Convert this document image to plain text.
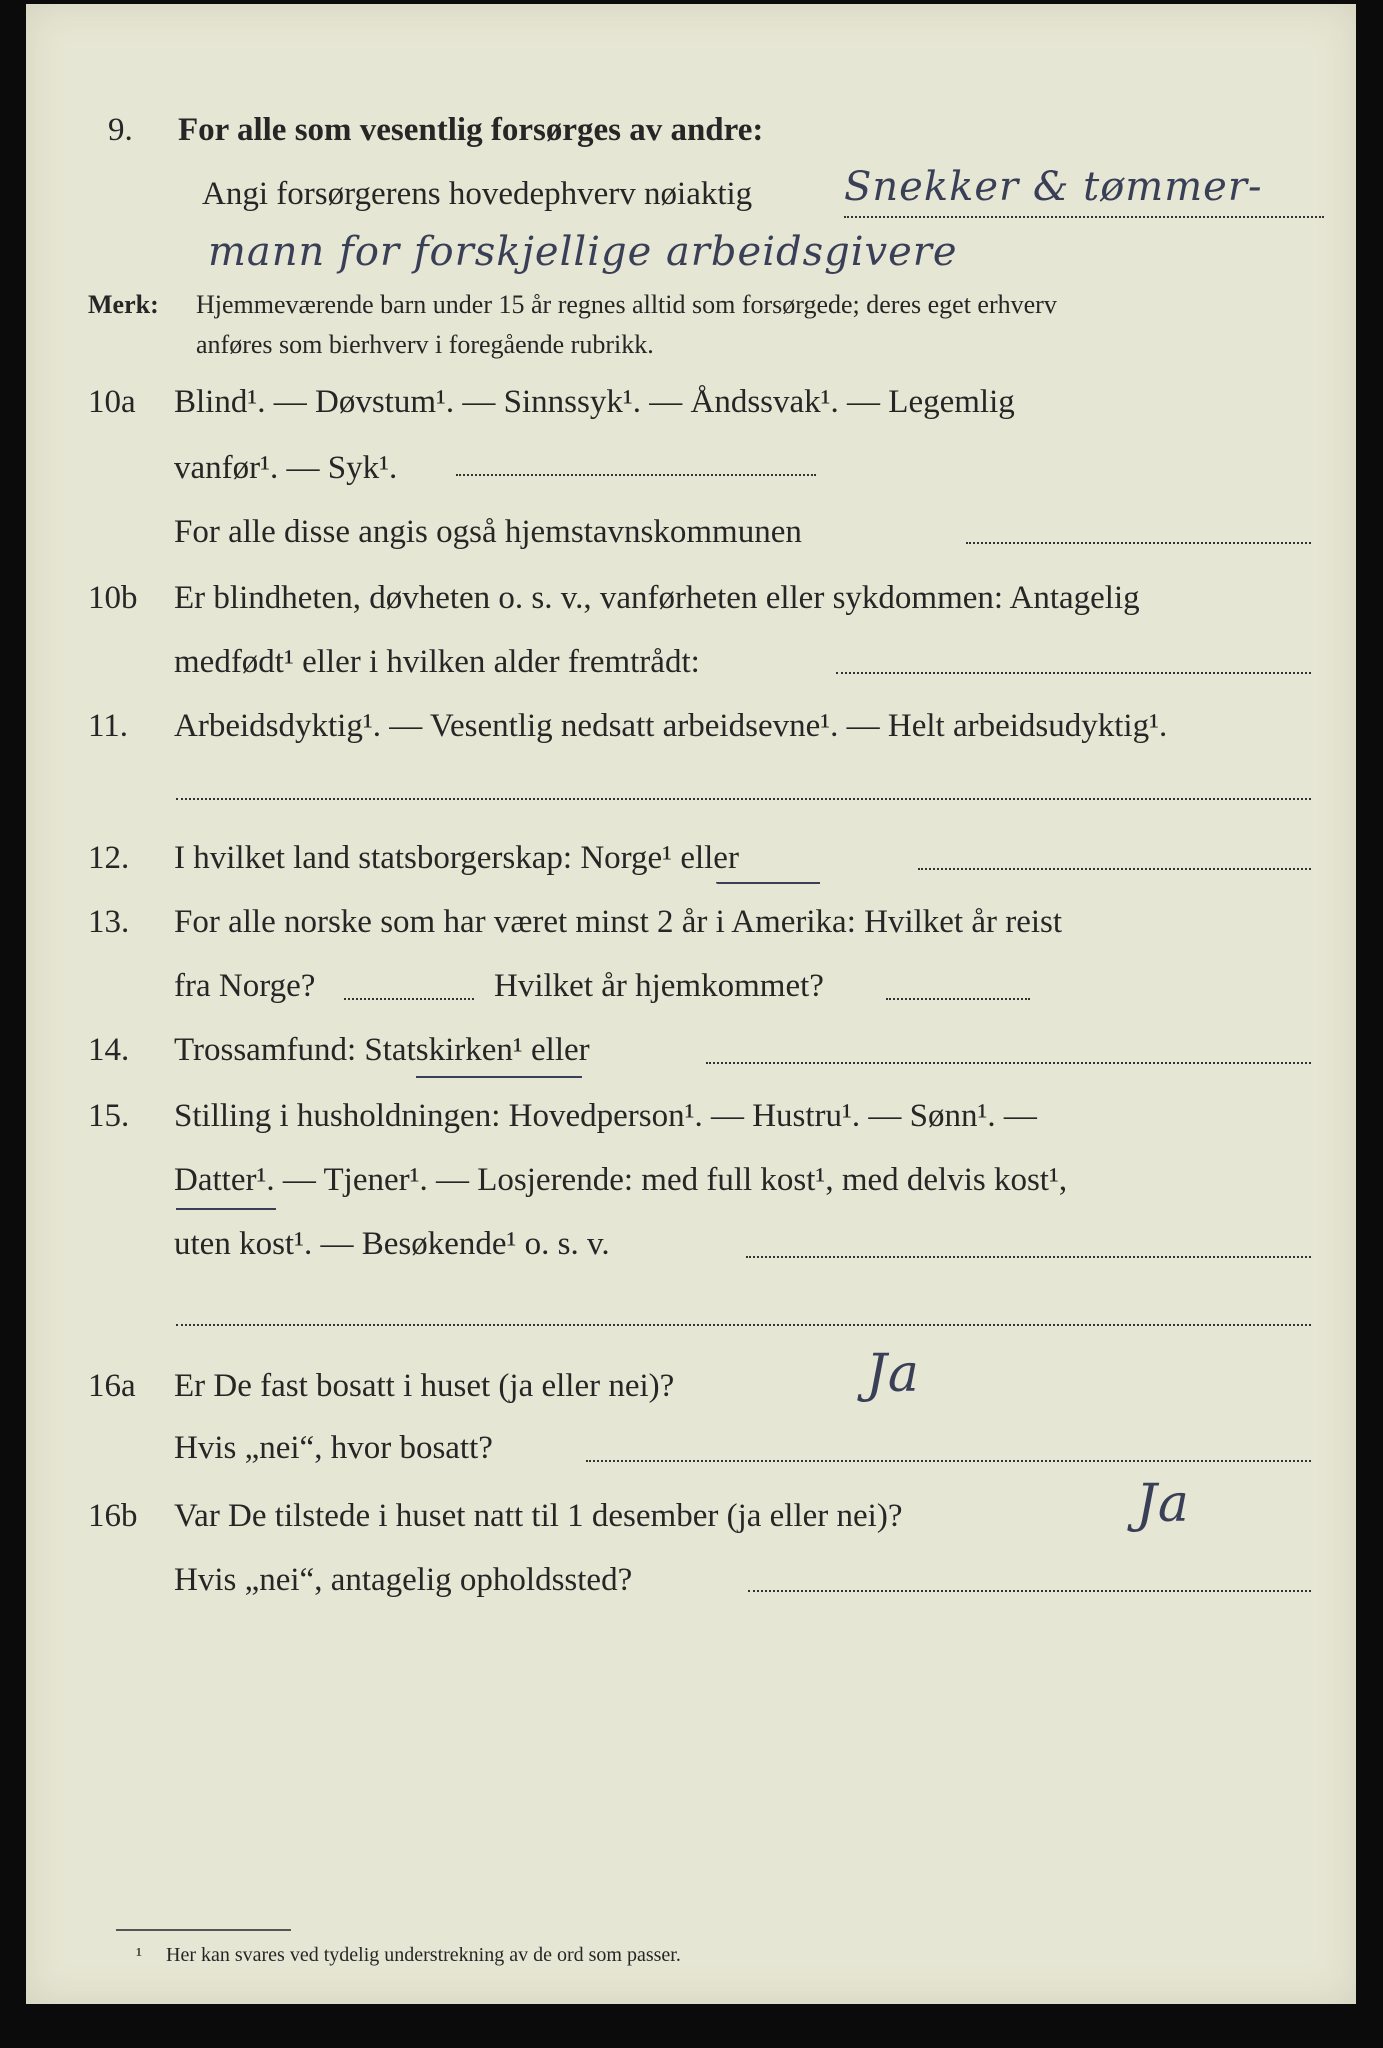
9. For alle som vesentlig forsørges av andre:
Angi forsørgerens hovedерhverv nøiaktig Snekker & tømmer-
mann for forskjellige arbeidsgivere
Merk: Hjemmeværende barn under 15 år regnes alltid som forsørgede; deres eget erhverv
anføres som bierhverv i foregående rubrikk.
10a Blind¹. — Døvstum¹. — Sinnssyk¹. — Åndssvak¹. — Legemlig
vanfør¹. — Syk¹.
For alle disse angis også hjemstavnskommunen
10b Er blindheten, døvheten o. s. v., vanførheten eller sykdommen: Antagelig
medfødt¹ eller i hvilken alder fremtrådt:
11. Arbeidsdyktig¹. — Vesentlig nedsatt arbeidsevne¹. — Helt arbeidsudyktig¹.
12. I hvilket land statsborgerskap: Norge¹ eller
13. For alle norske som har været minst 2 år i Amerika: Hvilket år reist
fra Norge?	Hvilket år hjemkommet?
14. Trossamfund: Statskirken¹ eller
15. Stilling i husholdningen: Hovedperson¹. — Hustru¹. — Sønn¹. —
Datter¹. — Tjener¹. — Losjerende: med full kost¹, med delvis kost¹,
uten kost¹. — Besøkende¹ o. s. v.
16a Er De fast bosatt i huset (ja eller nei)?	Ja
Hvis „nei“, hvor bosatt?
16b Var De tilstede i huset natt til 1 desember (ja eller nei)?	Ja
Hvis „nei“, antagelig opholdssted?
¹ Her kan svares ved tydelig understrekning av de ord som passer.
